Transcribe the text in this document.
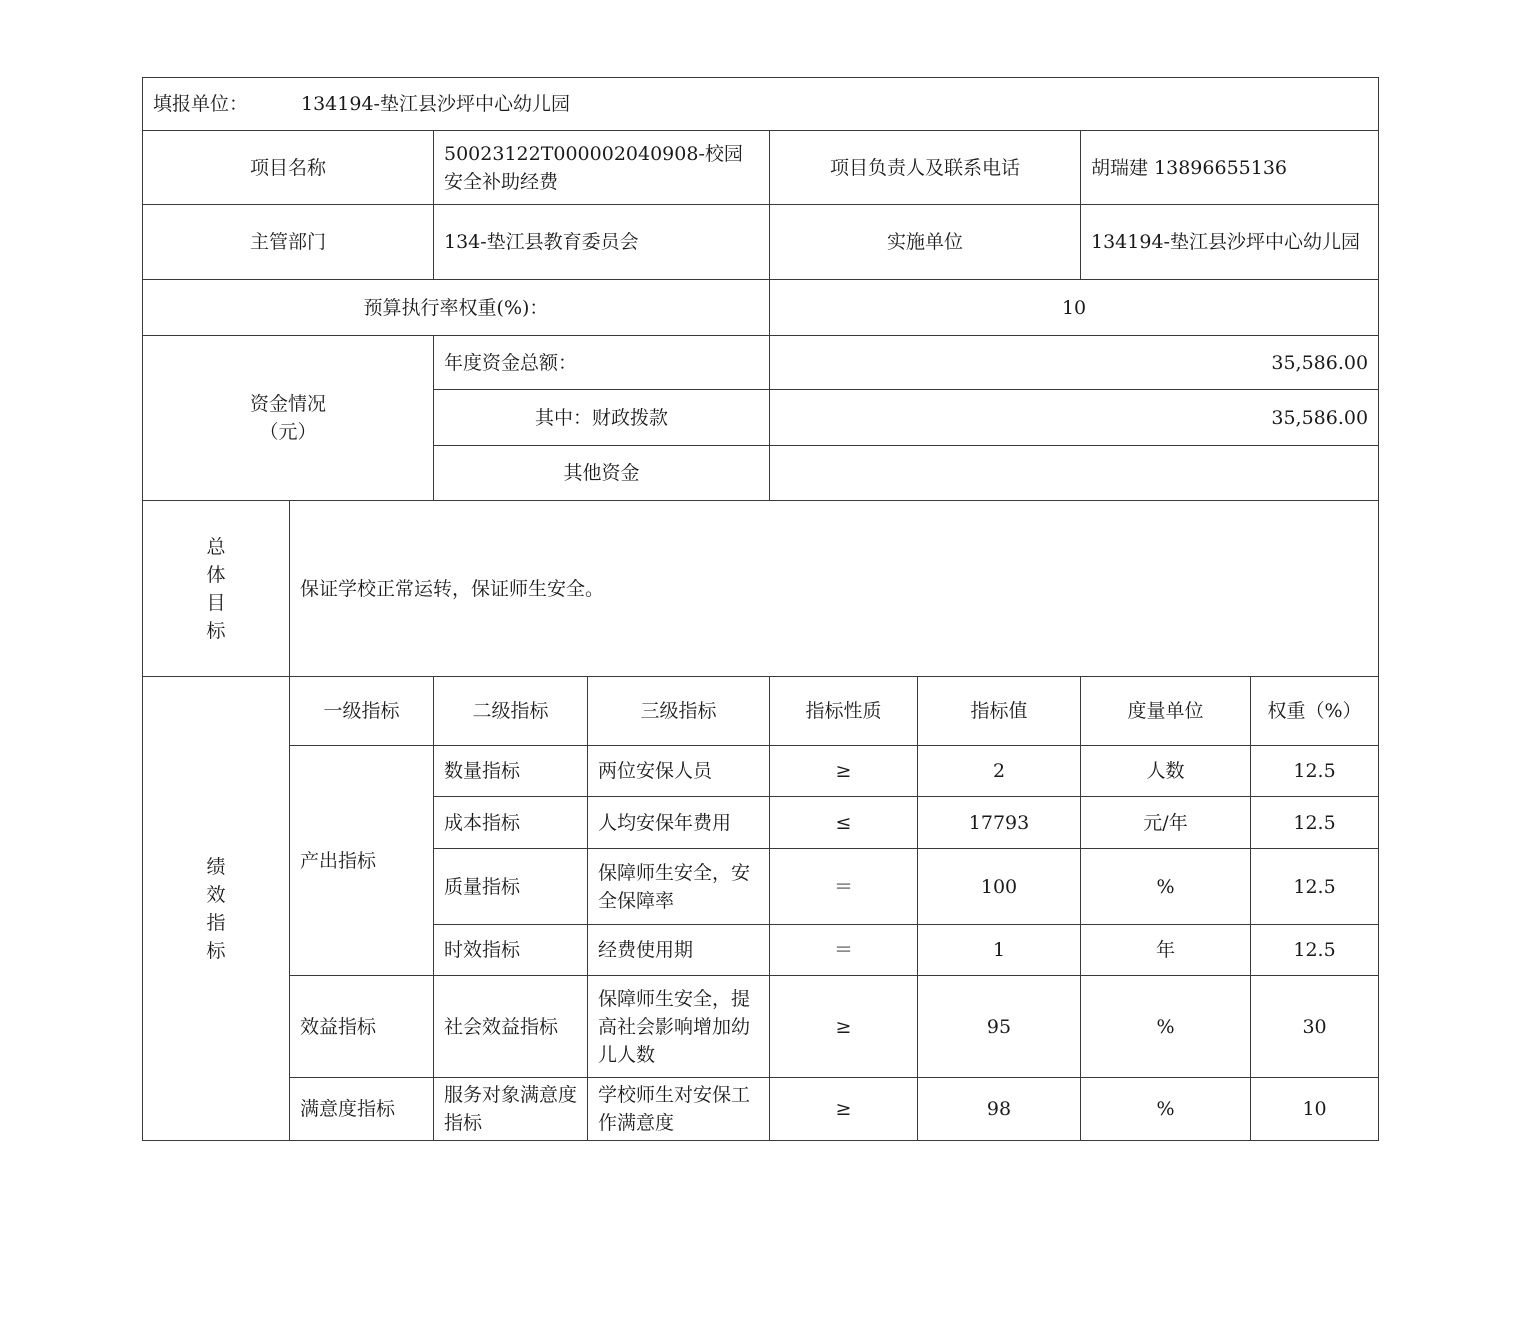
填报单位： 134194-垫江县沙坪中心幼儿园							
项目名称		50023122T000002040908-校园安全补助经费		项目负责人及联系电话		胡瑞建 13896655136	
主管部门		134-垫江县教育委员会		实施单位		134194-垫江县沙坪中心幼儿园	
预算执行率权重(%)：				10			

资金情况
（元）		年度资金总额：		35,586.00			
		其中：财政拨款		35,586.00			
		其他资金					

总
体
目
标	保证学校正常运转，保证师生安全。						

绩
效
指
标	一级指标	二级指标	三级指标	指标性质	指标值	度量单位	权重（%）
	产出指标	数量指标	两位安保人员	≥	2	人数	12.5
		成本指标	人均安保年费用	≤	17793	元/年	12.5
		质量指标	保障师生安全，安全保障率	＝	100	%	12.5
		时效指标	经费使用期	＝	1	年	12.5
	效益指标	社会效益指标	保障师生安全，提高社会影响增加幼儿人数	≥	95	%	30
	满意度指标	服务对象满意度指标	学校师生对安保工作满意度	≥	98	%	10
